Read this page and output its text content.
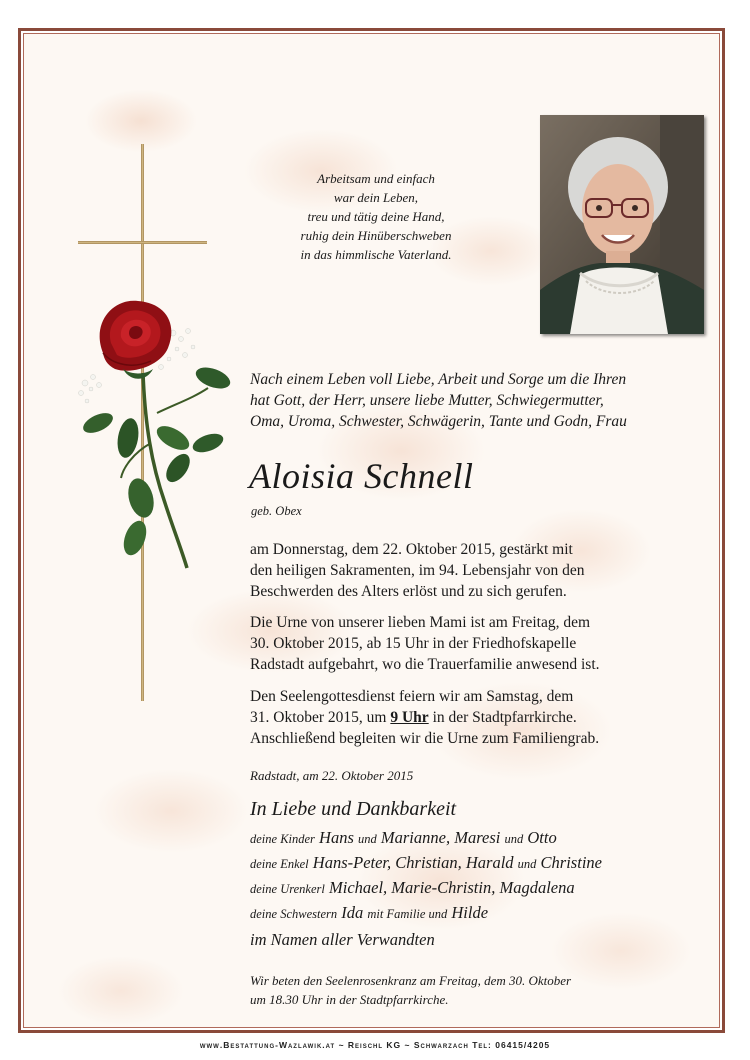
Arbeitsam und einfach
war dein Leben,
treu und tätig deine Hand,
ruhig dein Hinüberschweben
in das himmlische Vaterland.
Nach einem Leben voll Liebe, Arbeit und Sorge um die Ihren
hat Gott, der Herr, unsere liebe Mutter, Schwiegermutter,
Oma, Uroma, Schwester, Schwägerin, Tante und Godn, Frau
Aloisia Schnell
geb. Obex
am Donnerstag, dem 22. Oktober 2015, gestärkt mit
den heiligen Sakramenten, im 94. Lebensjahr von den
Beschwerden des Alters erlöst und zu sich gerufen.
Die Urne von unserer lieben Mami ist am Freitag, dem
30. Oktober 2015, ab 15 Uhr in der Friedhofskapelle
Radstadt aufgebahrt, wo die Trauerfamilie anwesend ist.
Den Seelengottesdienst feiern wir am Samstag, dem
31. Oktober 2015, um 9 Uhr in der Stadtpfarrkirche.
Anschließend begleiten wir die Urne zum Familiengrab.
Radstadt, am 22. Oktober 2015
In Liebe und Dankbarkeit
deine Kinder Hans und Marianne, Maresi und Otto
deine Enkel Hans-Peter, Christian, Harald und Christine
deine Urenkerl Michael, Marie-Christin, Magdalena
deine Schwestern Ida mit Familie und Hilde
im Namen aller Verwandten
Wir beten den Seelenrosenkranz am Freitag, dem 30. Oktober
um 18.30 Uhr in der Stadtpfarrkirche.
www.Bestattung-Wazlawik.at ~ Reischl KG ~ Schwarzach Tel: 06415/4205
